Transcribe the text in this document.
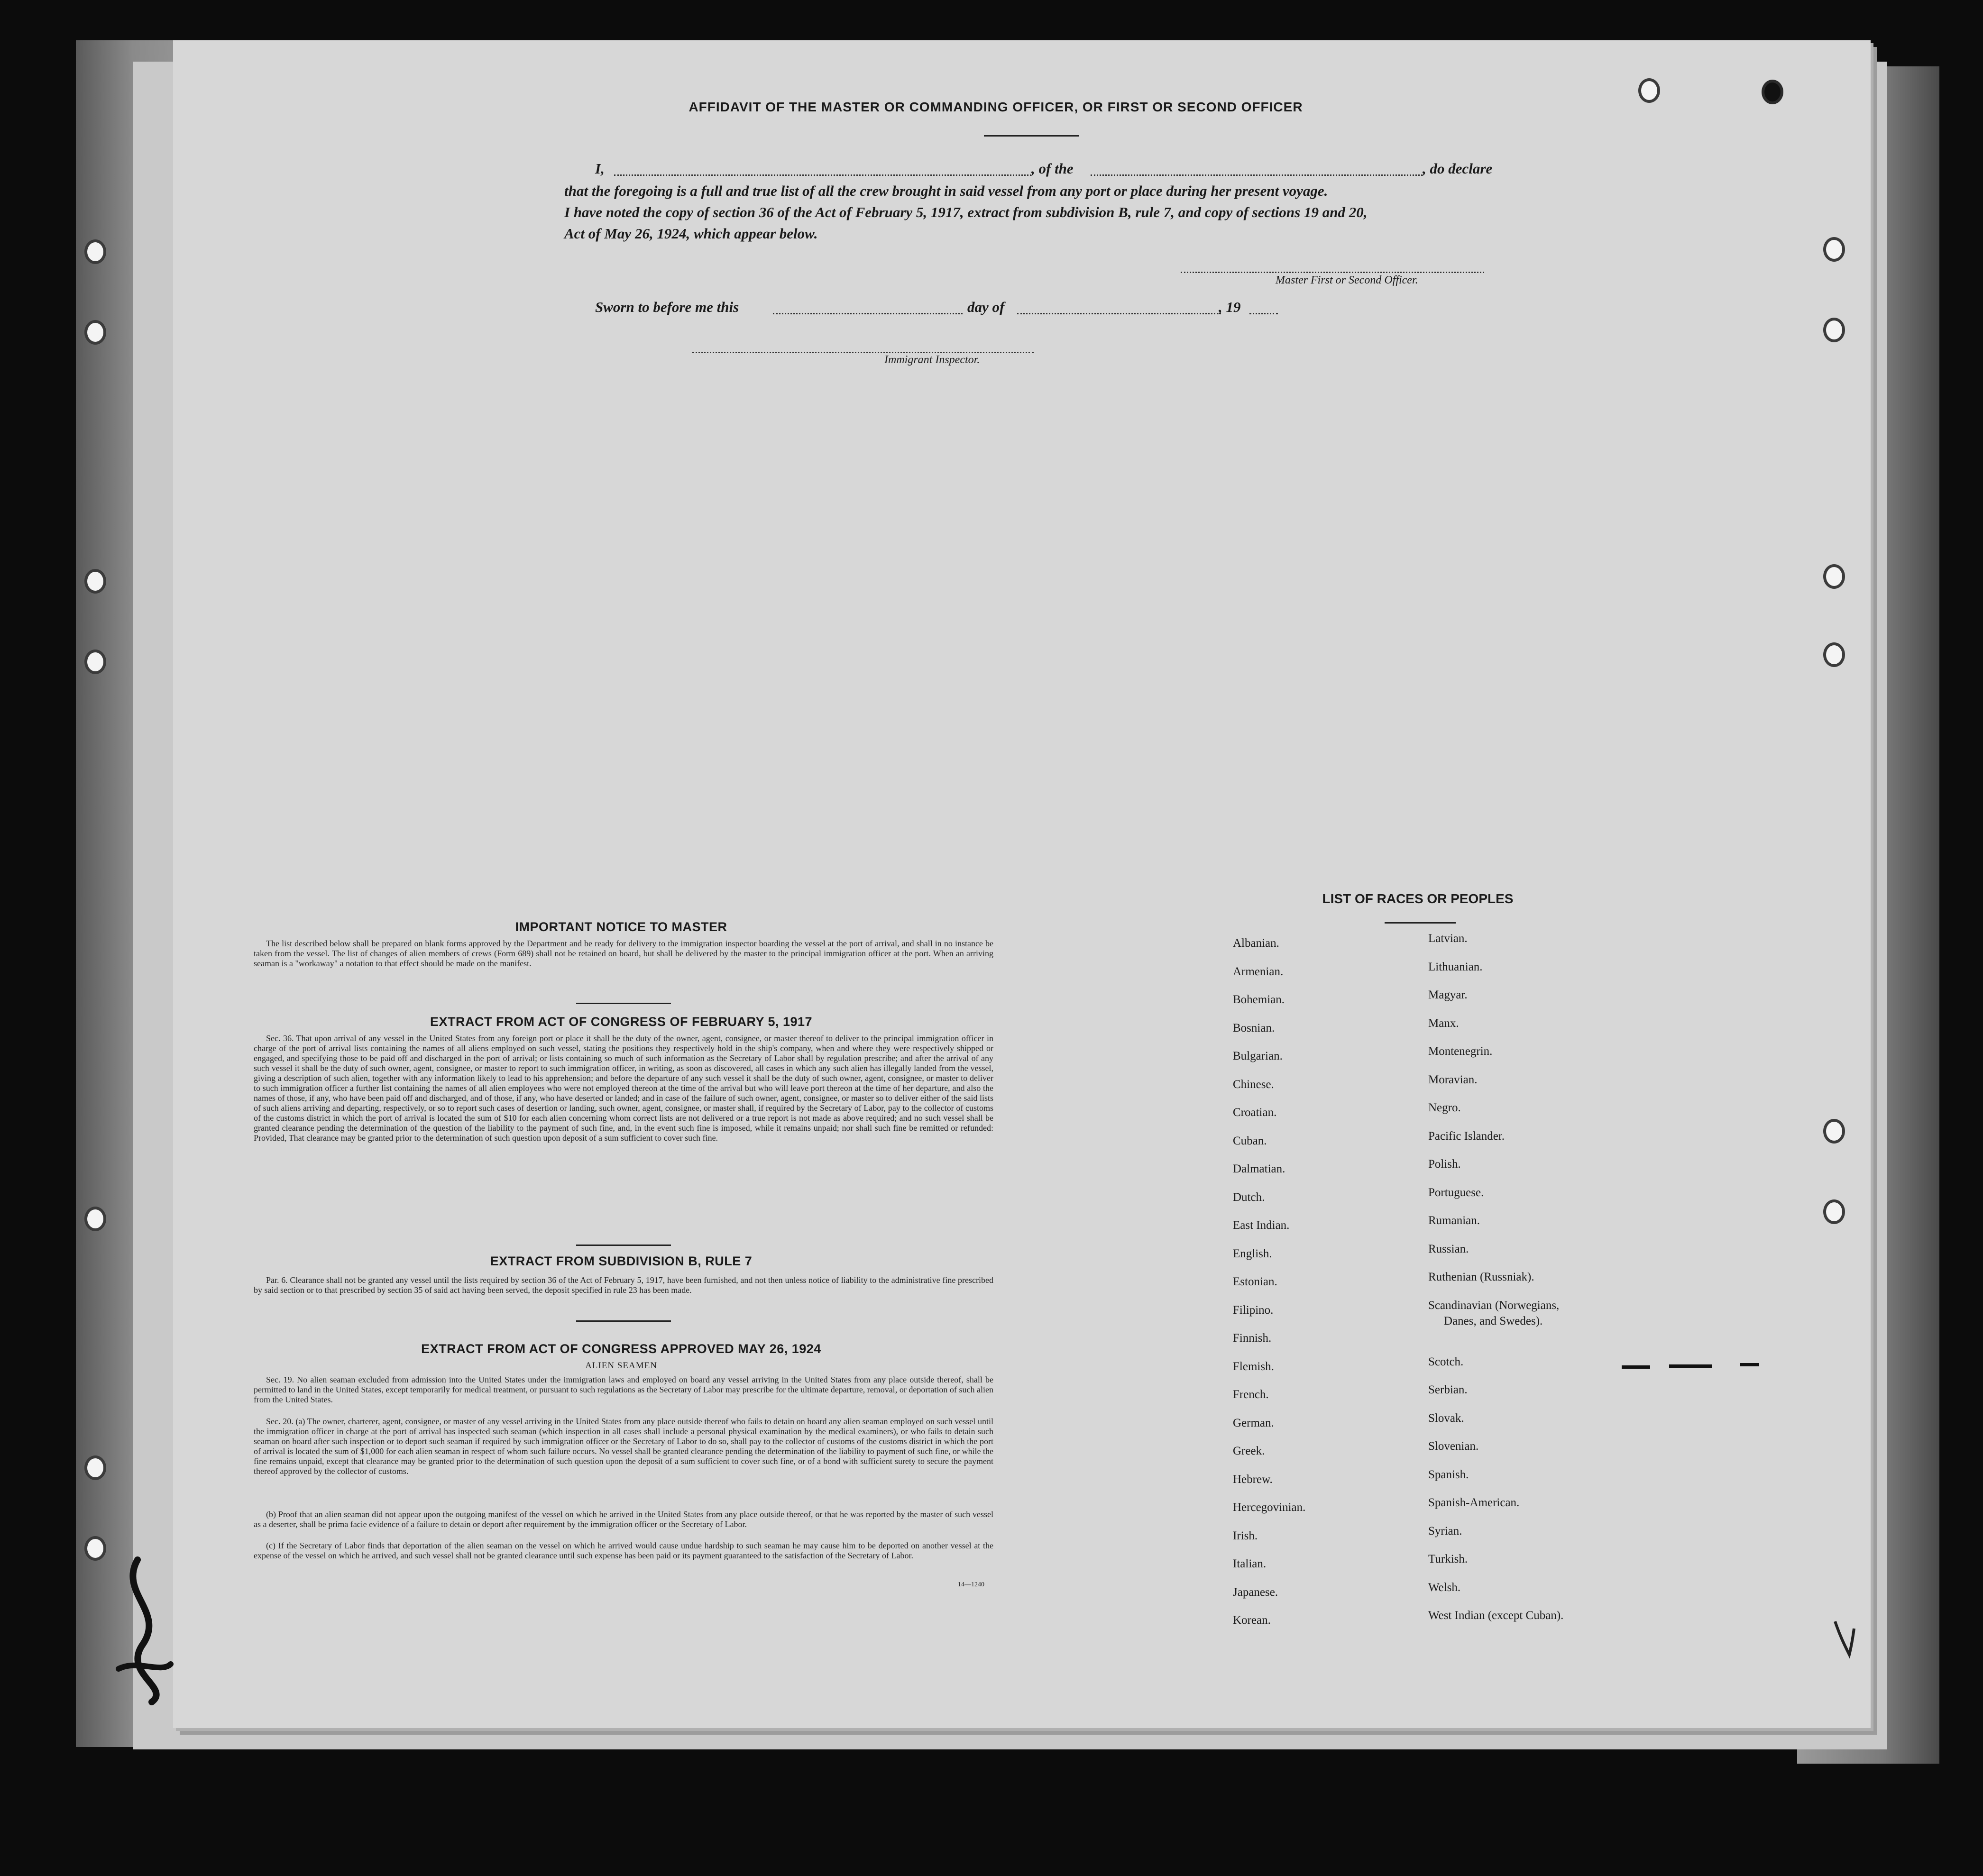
AFFIDAVIT OF THE MASTER OR COMMANDING OFFICER, OR FIRST OR SECOND OFFICER
I,	, of the	, do declare
that the foregoing is a full and true list of all the crew brought in said vessel from any port or place during her present voyage.
I have noted the copy of section 36 of the Act of February 5, 1917, extract from subdivision B, rule 7, and copy of sections 19 and 20,
Act of May 26, 1924, which appear below.
Master First or Second Officer.
Sworn to before me this	day of	, 19
Immigrant Inspector.
IMPORTANT NOTICE TO MASTER
The list described below shall be prepared on blank forms approved by the Department and be ready for delivery to the immigration inspector boarding the vessel at the port of arrival, and shall in no instance be taken from the vessel. The list of changes of alien members of crews (Form 689) shall not be retained on board, but shall be delivered by the master to the principal immigration officer at the port. When an arriving seaman is a "workaway" a notation to that effect should be made on the manifest.
EXTRACT FROM ACT OF CONGRESS OF FEBRUARY 5, 1917
Sec. 36. That upon arrival of any vessel in the United States from any foreign port or place it shall be the duty of the owner, agent, consignee, or master thereof to deliver to the principal immigration officer in charge of the port of arrival lists containing the names of all aliens employed on such vessel, stating the positions they respectively hold in the ship's company, when and where they were respectively shipped or engaged, and specifying those to be paid off and discharged in the port of arrival; or lists containing so much of such information as the Secretary of Labor shall by regulation prescribe; and after the arrival of any such vessel it shall be the duty of such owner, agent, consignee, or master to report to such immigration officer, in writing, as soon as discovered, all cases in which any such alien has illegally landed from the vessel, giving a description of such alien, together with any information likely to lead to his apprehension; and before the departure of any such vessel it shall be the duty of such owner, agent, consignee, or master to deliver to such immigration officer a further list containing the names of all alien employees who were not employed thereon at the time of the arrival but who will leave port thereon at the time of her departure, and also the names of those, if any, who have been paid off and discharged, and of those, if any, who have deserted or landed; and in case of the failure of such owner, agent, consignee, or master so to deliver either of the said lists of such aliens arriving and departing, respectively, or so to report such cases of desertion or landing, such owner, agent, consignee, or master shall, if required by the Secretary of Labor, pay to the collector of customs of the customs district in which the port of arrival is located the sum of $10 for each alien concerning whom correct lists are not delivered or a true report is not made as above required; and no such vessel shall be granted clearance pending the determination of the question of the liability to the payment of such fine, and, in the event such fine is imposed, while it remains unpaid; nor shall such fine be remitted or refunded: Provided, That clearance may be granted prior to the determination of such question upon deposit of a sum sufficient to cover such fine.
EXTRACT FROM SUBDIVISION B, RULE 7
Par. 6. Clearance shall not be granted any vessel until the lists required by section 36 of the Act of February 5, 1917, have been furnished, and not then unless notice of liability to the administrative fine prescribed by said section or to that prescribed by section 35 of said act having been served, the deposit specified in rule 23 has been made.
EXTRACT FROM ACT OF CONGRESS APPROVED MAY 26, 1924
ALIEN SEAMEN
Sec. 19. No alien seaman excluded from admission into the United States under the immigration laws and employed on board any vessel arriving in the United States from any place outside thereof, shall be permitted to land in the United States, except temporarily for medical treatment, or pursuant to such regulations as the Secretary of Labor may prescribe for the ultimate departure, removal, or deportation of such alien from the United States.
Sec. 20. (a) The owner, charterer, agent, consignee, or master of any vessel arriving in the United States from any place outside thereof who fails to detain on board any alien seaman employed on such vessel until the immigration officer in charge at the port of arrival has inspected such seaman (which inspection in all cases shall include a personal physical examination by the medical examiners), or who fails to detain such seaman on board after such inspection or to deport such seaman if required by such immigration officer or the Secretary of Labor to do so, shall pay to the collector of customs of the customs district in which the port of arrival is located the sum of $1,000 for each alien seaman in respect of whom such failure occurs. No vessel shall be granted clearance pending the determination of the liability to payment of such fine, or while the fine remains unpaid, except that clearance may be granted prior to the determination of such question upon the deposit of a sum sufficient to cover such fine, or of a bond with sufficient surety to secure the payment thereof approved by the collector of customs.
(b) Proof that an alien seaman did not appear upon the outgoing manifest of the vessel on which he arrived in the United States from any place outside thereof, or that he was reported by the master of such vessel as a deserter, shall be prima facie evidence of a failure to detain or deport after requirement by the immigration officer or the Secretary of Labor.
(c) If the Secretary of Labor finds that deportation of the alien seaman on the vessel on which he arrived would cause undue hardship to such seaman he may cause him to be deported on another vessel at the expense of the vessel on which he arrived, and such vessel shall not be granted clearance until such expense has been paid or its payment guaranteed to the satisfaction of the Secretary of Labor.
14—1240
LIST OF RACES OR PEOPLES
Albanian.
Armenian.
Bohemian.
Bosnian.
Bulgarian.
Chinese.
Croatian.
Cuban.
Dalmatian.
Dutch.
East Indian.
English.
Estonian.
Filipino.
Finnish.
Flemish.
French.
German.
Greek.
Hebrew.
Hercegovinian.
Irish.
Italian.
Japanese.
Korean.
Latvian.
Lithuanian.
Magyar.
Manx.
Montenegrin.
Moravian.
Negro.
Pacific Islander.
Polish.
Portuguese.
Rumanian.
Russian.
Ruthenian (Russniak).
Scandinavian (Norwegians,
Danes, and Swedes).
Scotch.
Serbian.
Slovak.
Slovenian.
Spanish.
Spanish-American.
Syrian.
Turkish.
Welsh.
West Indian (except Cuban).
